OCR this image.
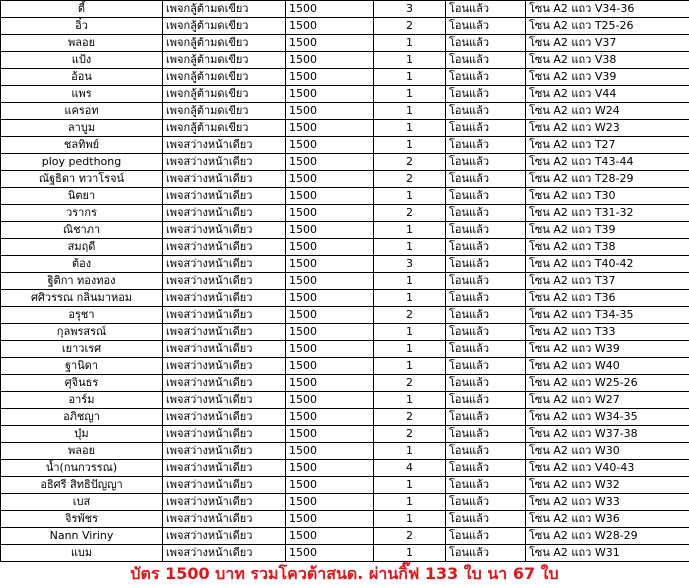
ตี้	เพจกลู้ต้ามดเขียว	1500	3	โอนแล้ว	โซน A2 แถว V34-36
อิ๋ว	เพจกลู้ต้ามดเขียว	1500	2	โอนแล้ว	โซน A2 แถว T25-26
พลอย	เพจกลู้ต้ามดเขียว	1500	1	โอนแล้ว	โซน A2 แถว V37
แป้ง	เพจกลู้ต้ามดเขียว	1500	1	โอนแล้ว	โซน A2 แถว V38
อ้อน	เพจกลู้ต้ามดเขียว	1500	1	โอนแล้ว	โซน A2 แถว V39
แพร	เพจกลู้ต้ามดเขียว	1500	1	โอนแล้ว	โซน A2 แถว V44
แครอท	เพจกลู้ต้ามดเขียว	1500	1	โอนแล้ว	โซน A2 แถว W24
ลาบูม	เพจกลู้ต้ามดเขียว	1500	1	โอนแล้ว	โซน A2 แถว W23
ชลทิพย์	เพจสว่างหน้าเดียว	1500	1	โอนแล้ว	โซน A2 แถว T27
ploy pedthong	เพจสว่างหน้าเดียว	1500	2	โอนแล้ว	โซน A2 แถว T43-44
ณัฐธิดา ทวาโรจน์	เพจสว่างหน้าเดียว	1500	2	โอนแล้ว	โซน A2 แถว T28-29
นิตยา	เพจสว่างหน้าเดียว	1500	1	โอนแล้ว	โซน A2 แถว T30
วรากร	เพจสว่างหน้าเดียว	1500	2	โอนแล้ว	โซน A2 แถว T31-32
ณิชาภา	เพจสว่างหน้าเดียว	1500	1	โอนแล้ว	โซน A2 แถว T39
สมฤดี	เพจสว่างหน้าเดียว	1500	1	โอนแล้ว	โซน A2 แถว T38
ต้อง	เพจสว่างหน้าเดียว	1500	3	โอนแล้ว	โซน A2 แถว T40-42
ฐิติกา ทองทอง	เพจสว่างหน้าเดียว	1500	1	โอนแล้ว	โซน A2 แถว T37
ศศิวรรณ กลิ่นมาหอม	เพจสว่างหน้าเดียว	1500	1	โอนแล้ว	โซน A2 แถว T36
อรุชา	เพจสว่างหน้าเดียว	1500	2	โอนแล้ว	โซน A2 แถว T34-35
กุลพรสรณ์	เพจสว่างหน้าเดียว	1500	1	โอนแล้ว	โซน A2 แถว T33
เยาวเรศ	เพจสว่างหน้าเดียว	1500	1	โอนแล้ว	โซน A2 แถว W39
ฐานิดา	เพจสว่างหน้าเดียว	1500	1	โอนแล้ว	โซน A2 แถว W40
ศุจินธร	เพจสว่างหน้าเดียว	1500	2	โอนแล้ว	โซน A2 แถว W25-26
อาร์ม	เพจสว่างหน้าเดียว	1500	1	โอนแล้ว	โซน A2 แถว W27
อภิชญา	เพจสว่างหน้าเดียว	1500	2	โอนแล้ว	โซน A2 แถว W34-35
บุ๋ม	เพจสว่างหน้าเดียว	1500	2	โอนแล้ว	โซน A2 แถว W37-38
พลอย	เพจสว่างหน้าเดียว	1500	1	โอนแล้ว	โซน A2 แถว W30
น้ำ(กนกวรรณ)	เพจสว่างหน้าเดียว	1500	4	โอนแล้ว	โซน A2 แถว V40-43
อธิศรี สิทธิปัญญา	เพจสว่างหน้าเดียว	1500	1	โอนแล้ว	โซน A2 แถว W32
เบส	เพจสว่างหน้าเดียว	1500	1	โอนแล้ว	โซน A2 แถว W33
จิรพัชร	เพจสว่างหน้าเดียว	1500	1	โอนแล้ว	โซน A2 แถว W36
Nann Viriny	เพจสว่างหน้าเดียว	1500	2	โอนแล้ว	โซน A2 แถว W28-29
แบม	เพจสว่างหน้าเดียว	1500	1	โอนแล้ว	โซน A2 แถว W31
บัตร 1500 บาท รวมโควต้าสนด. ผ่านกิ๊ฟ 133 ใบ นา 67 ใบ
